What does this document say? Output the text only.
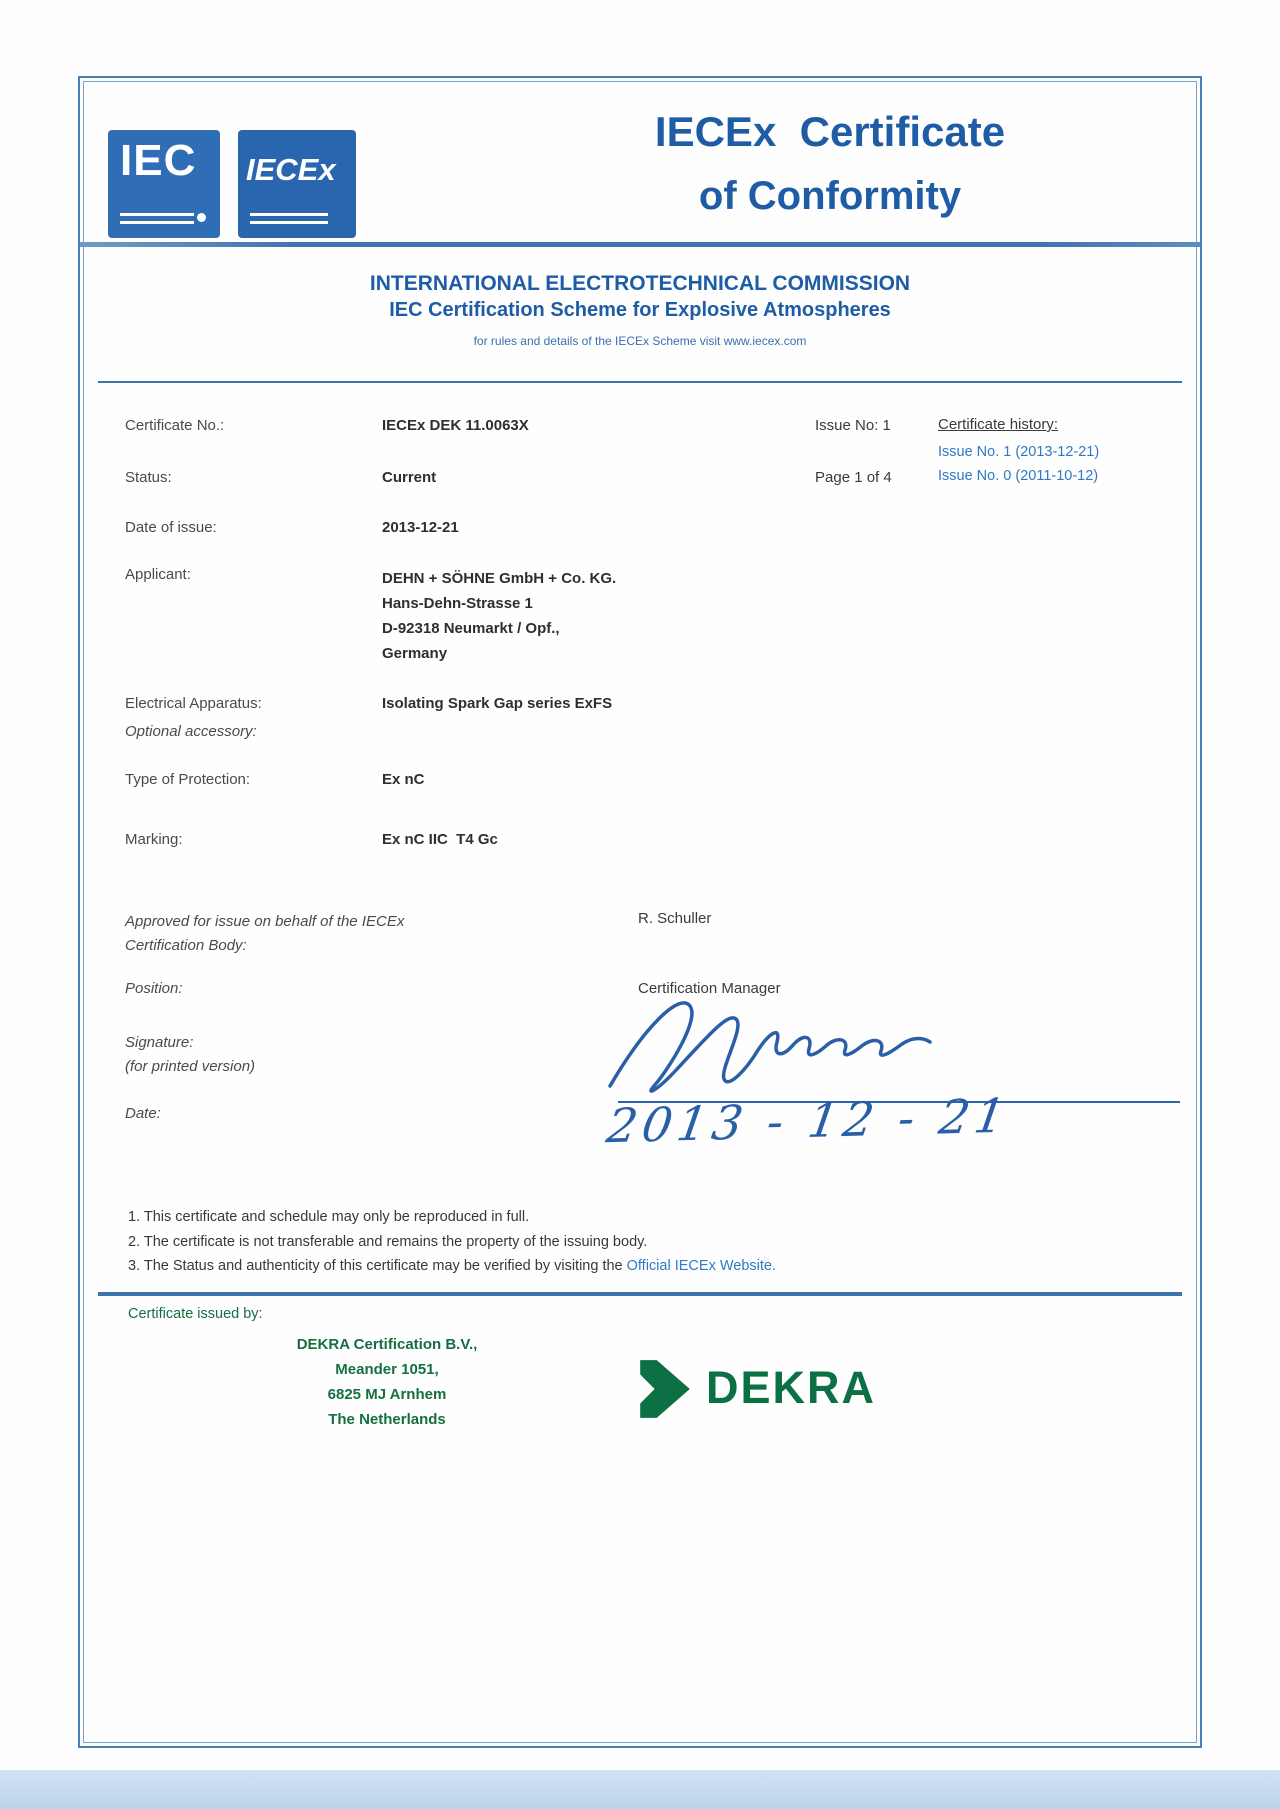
IEC IECEx
IECEx  Certificate
of Conformity
INTERNATIONAL ELECTROTECHNICAL COMMISSION
IEC Certification Scheme for Explosive Atmospheres
for rules and details of the IECEx Scheme visit www.iecex.com
Certificate No.:	IECEx DEK 11.0063X	Issue No: 1	Certificate history:
Issue No. 1 (2013-12-21)
Issue No. 0 (2011-10-12)
Status:	Current	Page 1 of 4
Date of issue:	2013-12-21
Applicant:	DEHN + SÖHNE GmbH + Co. KG.
Hans-Dehn-Strasse 1
D-92318 Neumarkt / Opf.,
Germany
Electrical Apparatus:	Isolating Spark Gap series ExFS
Optional accessory:
Type of Protection:	Ex nC
Marking:	Ex nC IIC  T4 Gc
Approved for issue on behalf of the IECEx
Certification Body:
R. Schuller
Position:	Certification Manager
Signature:
(for printed version)
Date:	2013 - 12 - 21
1. This certificate and schedule may only be reproduced in full.
2. The certificate is not transferable and remains the property of the issuing body.
3. The Status and authenticity of this certificate may be verified by visiting the Official IECEx Website.
Certificate issued by:
DEKRA Certification B.V.,
Meander 1051,
6825 MJ Arnhem
The Netherlands
DEKRA
